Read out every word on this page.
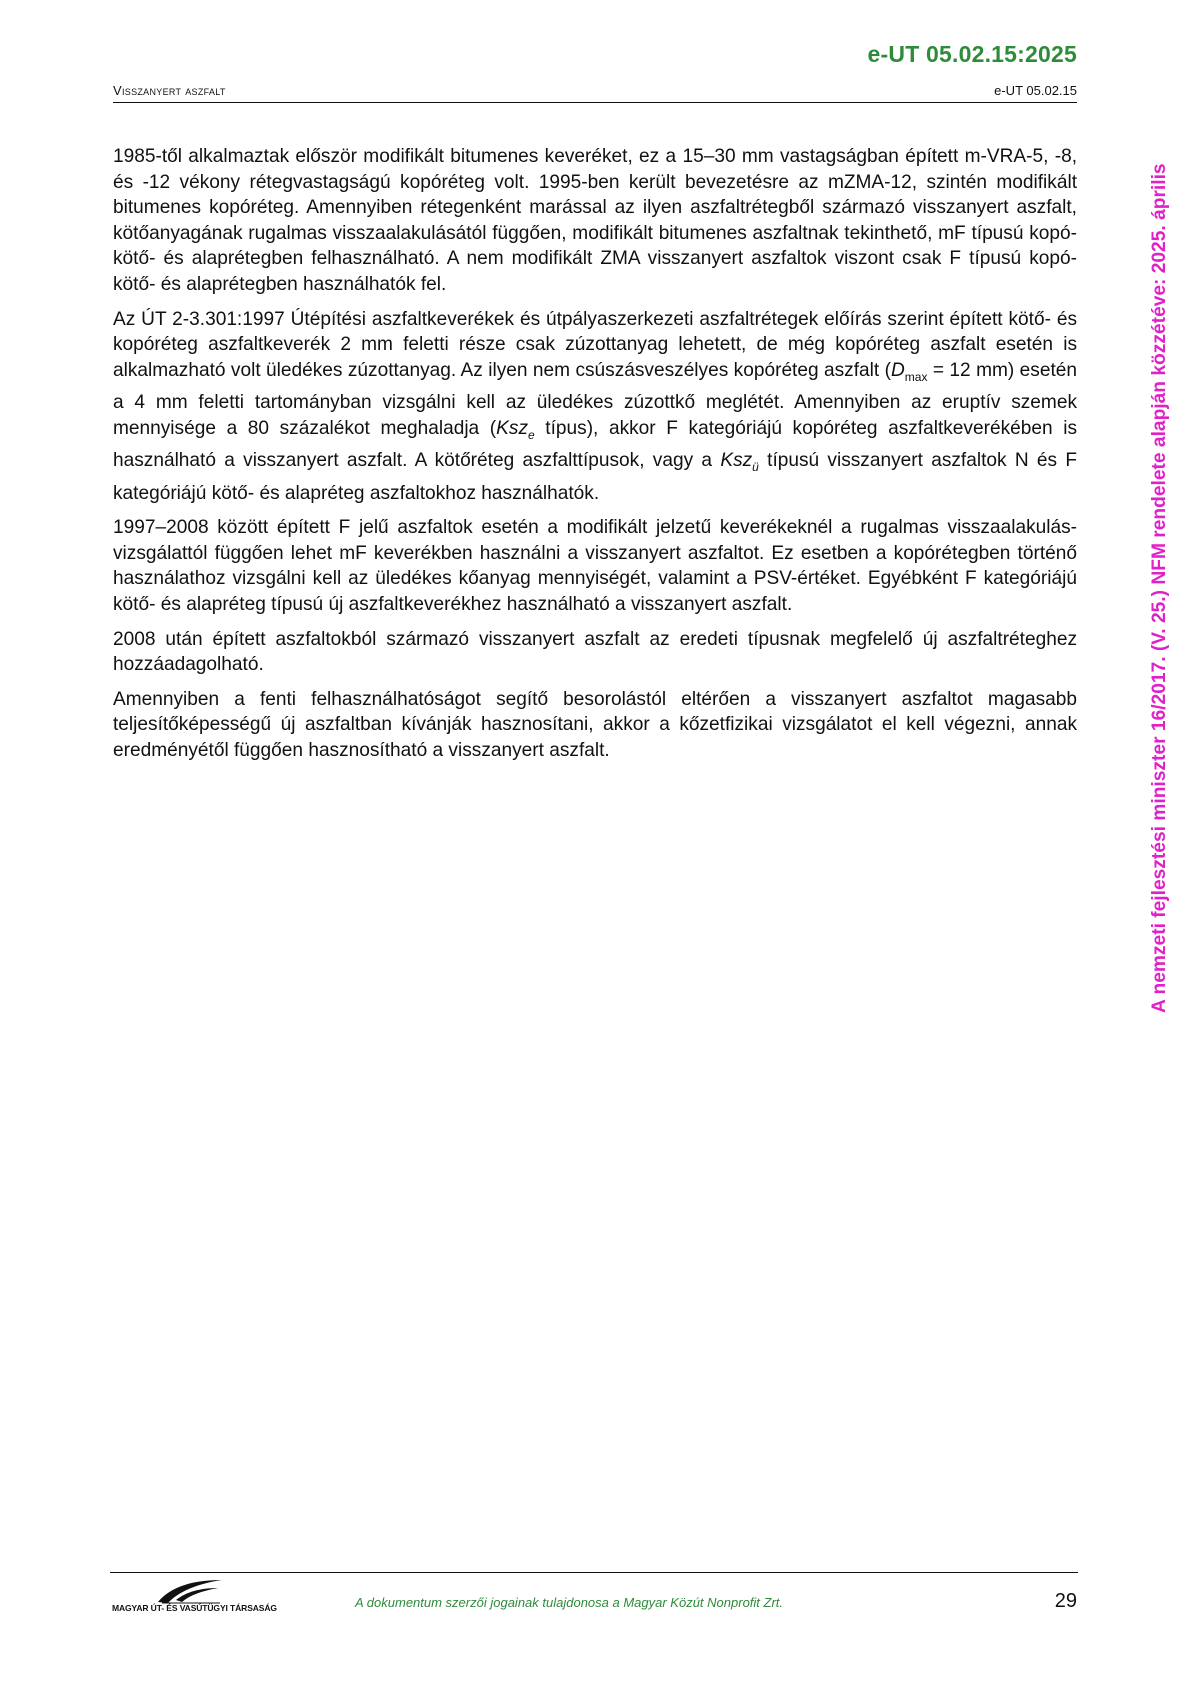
e-UT 05.02.15:2025
Visszanyert aszfalt	e-UT 05.02.15

1985-től alkalmaztak először modifikált bitumenes keveréket, ez a 15–30 mm vastagságban épített m-VRA-5, -8, és -12 vékony rétegvastagságú kopóréteg volt. 1995-ben került bevezetésre az mZMA-12, szintén modifikált bitumenes kopóréteg. Amennyiben rétegenként marással az ilyen aszfaltrétegből származó visszanyert aszfalt, kötőanyagának rugalmas visszaalakulásától függően, modifikált bitumenes aszfaltnak tekinthető, mF típusú kopó- kötő- és alaprétegben felhasználható. A nem modifikált ZMA visszanyert aszfaltok viszont csak F típusú kopó- kötő- és alaprétegben használhatók fel.

Az ÚT 2-3.301:1997 Útépítési aszfaltkeverékek és útpályaszerkezeti aszfaltrétegek előírás szerint épített kötő- és kopóréteg aszfaltkeverék 2 mm feletti része csak zúzottanyag lehetett, de még kopóréteg aszfalt esetén is alkalmazható volt üledékes zúzottanyag. Az ilyen nem csúszásveszélyes kopóréteg aszfalt ($D_{max} = 12$ mm) esetén a 4 mm feletti tartományban vizsgálni kell az üledékes zúzottkő meglétét. Amennyiben az eruptív szemek mennyisége a 80 százalékot meghaladja (Ksz$_e$ típus), akkor F kategóriájú kopóréteg aszfaltkeverékében is használható a visszanyert aszfalt. A kötőréteg aszfalttípusok, vagy a Ksz$_ü$ típusú visszanyert aszfaltok N és F kategóriájú kötő- és alapréteg aszfaltokhoz használhatók.

1997–2008 között épített F jelű aszfaltok esetén a modifikált jelzetű keverékeknél a rugalmas visszaalakulás-vizsgálattól függően lehet mF keverékben használni a visszanyert aszfaltot. Ez esetben a kopórétegben történő használathoz vizsgálni kell az üledékes kőanyag mennyiségét, valamint a PSV-értéket. Egyébként F kategóriájú kötő- és alapréteg típusú új aszfaltkeverékhez használható a visszanyert aszfalt.

2008 után épített aszfaltokból származó visszanyert aszfalt az eredeti típusnak megfelelő új aszfaltréteghez hozzáadagolható.

Amennyiben a fenti felhasználhatóságot segítő besorolástól eltérően a visszanyert aszfaltot magasabb teljesítőképességű új aszfaltban kívánják hasznosítani, akkor a kőzetfizikai vizsgálatot el kell végezni, annak eredményétől függően hasznosítható a visszanyert aszfalt.	A nemzeti fejlesztési miniszter 16/2017. (V. 25.) NFM rendelete alapján közzétéve: 2025. április
MAGYAR ÚT- ÉS VASÚTÜGYI TÁRSASÁG	A dokumentum szerzői jogainak tulajdonosa a Magyar Közút Nonprofit Zrt.	29
